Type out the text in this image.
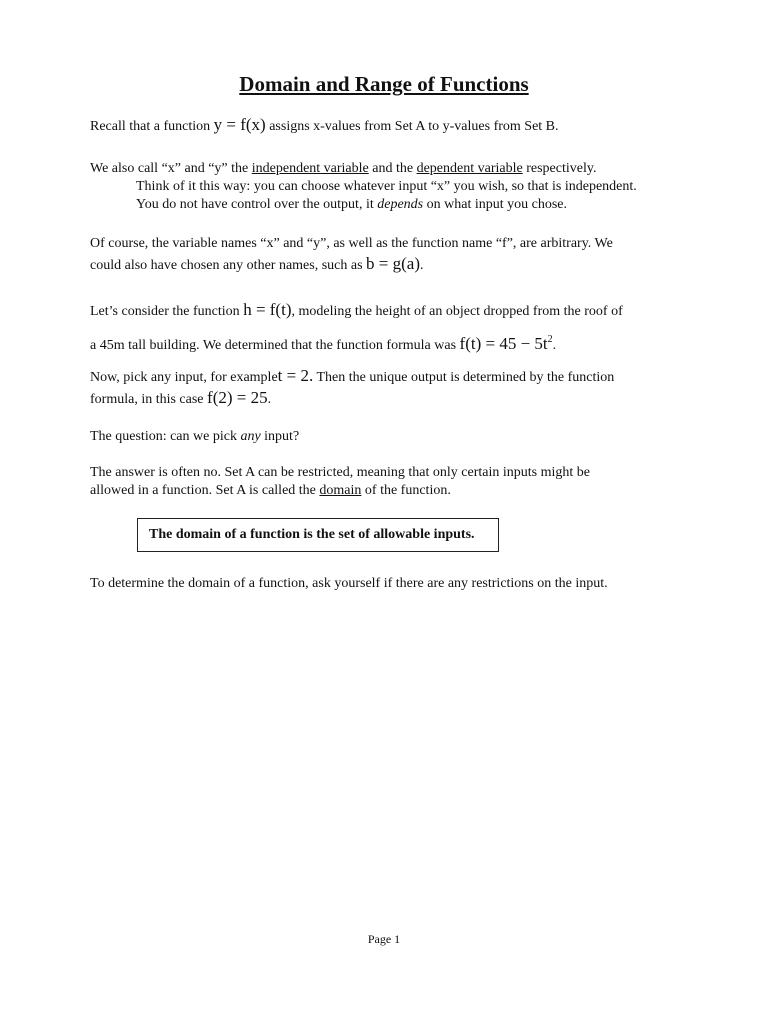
Domain and Range of Functions

Recall that a function y = f(x) assigns x-values from Set A to y-values from Set B.

We also call “x” and “y” the independent variable and the dependent variable respectively.
Think of it this way: you can choose whatever input “x” you wish, so that is independent.
You do not have control over the output, it depends on what input you chose.

Of course, the variable names “x” and “y”, as well as the function name “f”, are arbitrary. We
could also have chosen any other names, such as b = g(a).

Let’s consider the function h = f(t), modeling the height of an object dropped from the roof of
a 45m tall building. We determined that the function formula was $f(t) = 45 - 5t^2$.

Now, pick any input, for examplet = 2. Then the unique output is determined by the function
formula, in this case f(2) = 25.

The question: can we pick any input?

The answer is often no. Set A can be restricted, meaning that only certain inputs might be
allowed in a function. Set A is called the domain of the function.

The domain of a function is the set of allowable inputs.

To determine the domain of a function, ask yourself if there are any restrictions on the input.

Page 1
